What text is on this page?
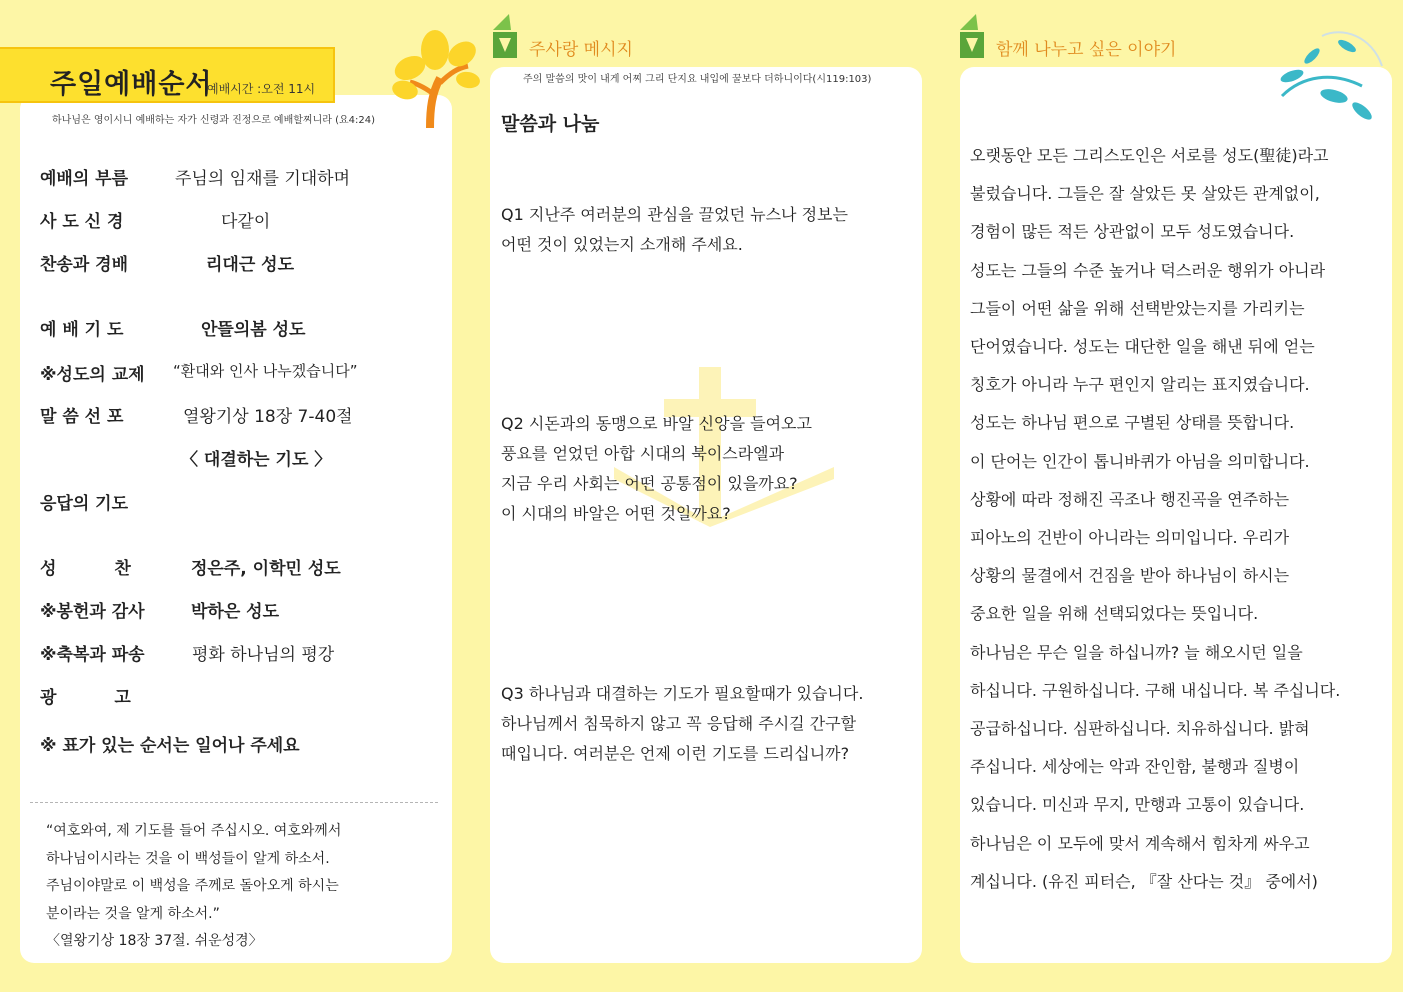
주일예배순서
예배시간 :오전 11시
하나님은 영이시니 예배하는 자가 신령과 진정으로 예배할찌니라 (요4:24)
주사랑 메시지
주의 말씀의 맛이 내게 어찌 그리 단지요 내입에 꿀보다 더하니이다(시119:103)
함께 나누고 싶은 이야기
예배의 부름	주님의 임재를 기대하며
사 도 신 경	다같이
찬송과 경배	리대근 성도
예 배 기 도	안뜰의봄 성도
※성도의 교제 “환대와 인사 나누겠습니다”
말 씀 선 포	열왕기상 18장 7-40절
〈 대결하는 기도 〉
응답의 기도
성 찬	정은주, 이학민 성도
※봉헌과 감사	박하은 성도
※축복과 파송	평화 하나님의 평강
광 고
※ 표가 있는 순서는 일어나 주세요
“여호와여, 제 기도를 들어 주십시오. 여호와께서
하나님이시라는 것을 이 백성들이 알게 하소서.
주님이야말로 이 백성을 주께로 돌아오게 하시는
분이라는 것을 알게 하소서.”
〈열왕기상 18장 37절. 쉬운성경〉
말씀과 나눔
Q1 지난주 여러분의 관심을 끌었던 뉴스나 정보는
어떤 것이 있었는지 소개해 주세요.
Q2 시돈과의 동맹으로 바알 신앙을 들여오고
풍요를 얻었던 아합 시대의 북이스라엘과
지금 우리 사회는 어떤 공통점이 있을까요?
이 시대의 바알은 어떤 것일까요?
Q3 하나님과 대결하는 기도가 필요할때가 있습니다.
하나님께서 침묵하지 않고 꼭 응답해 주시길 간구할
때입니다. 여러분은 언제 이런 기도를 드리십니까?
오랫동안 모든 그리스도인은 서로를 성도(聖徒)라고
불렀습니다. 그들은 잘 살았든 못 살았든 관계없이,
경험이 많든 적든 상관없이 모두 성도였습니다.
성도는 그들의 수준 높거나 덕스러운 행위가 아니라
그들이 어떤 삶을 위해 선택받았는지를 가리키는
단어였습니다. 성도는 대단한 일을 해낸 뒤에 얻는
칭호가 아니라 누구 편인지 알리는 표지였습니다.
성도는 하나님 편으로 구별된 상태를 뜻합니다.
이 단어는 인간이 톱니바퀴가 아님을 의미합니다.
상황에 따라 정해진 곡조나 행진곡을 연주하는
피아노의 건반이 아니라는 의미입니다. 우리가
상황의 물결에서 건짐을 받아 하나님이 하시는
중요한 일을 위해 선택되었다는 뜻입니다.
하나님은 무슨 일을 하십니까? 늘 해오시던 일을
하십니다. 구원하십니다. 구해 내십니다. 복 주십니다.
공급하십니다. 심판하십니다. 치유하십니다. 밝혀
주십니다. 세상에는 악과 잔인함, 불행과 질병이
있습니다. 미신과 무지, 만행과 고통이 있습니다.
하나님은 이 모두에 맞서 계속해서 힘차게 싸우고
계십니다. (유진 피터슨, 『잘 산다는 것』 중에서)
